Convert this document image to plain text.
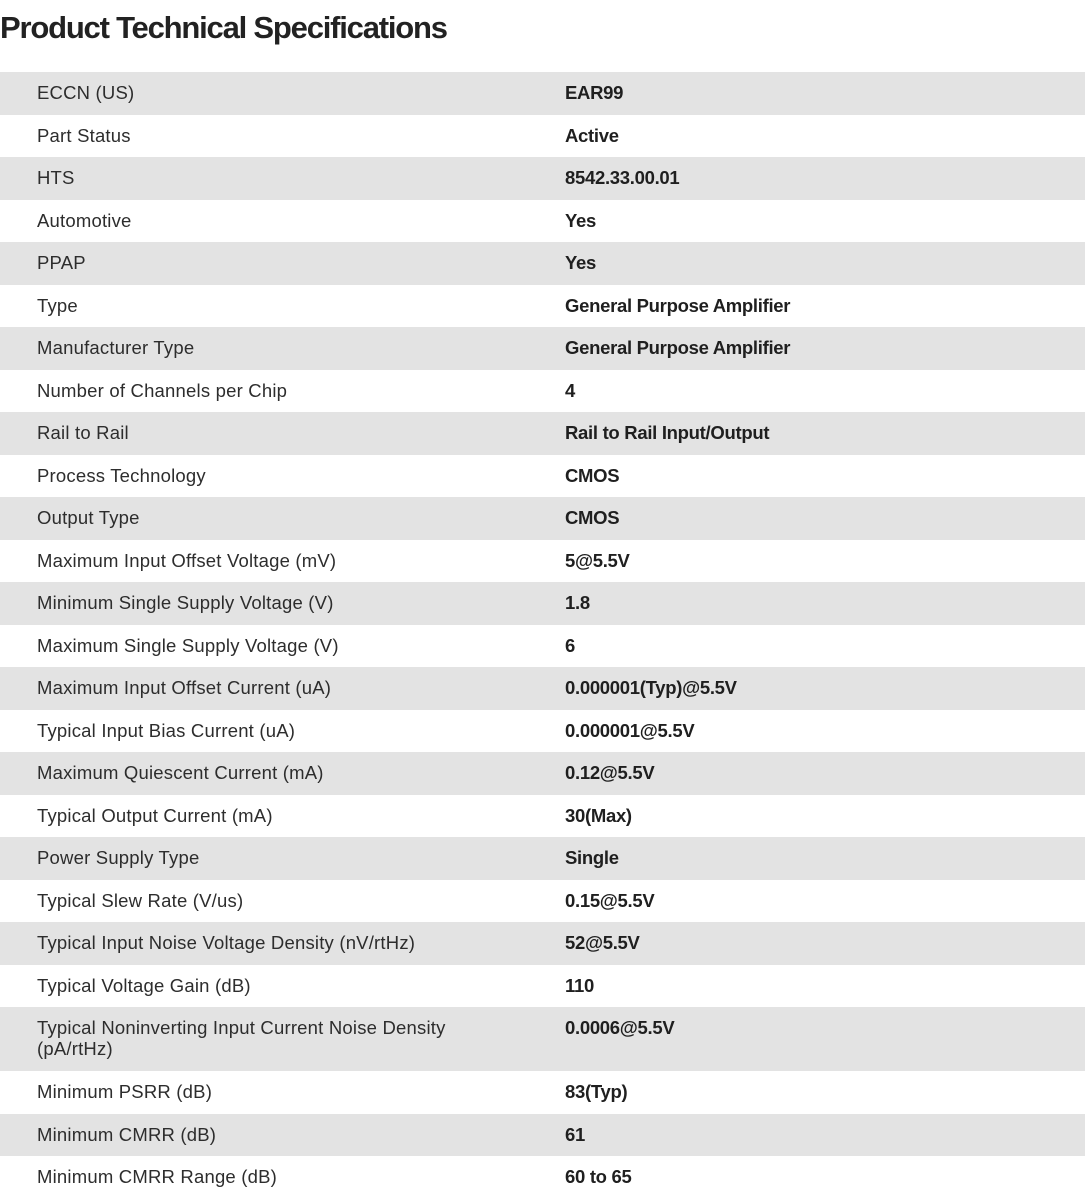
Product Technical Specifications
ECCN (US)	EAR99
Part Status	Active
HTS	8542.33.00.01
Automotive	Yes
PPAP	Yes
Type	General Purpose Amplifier
Manufacturer Type	General Purpose Amplifier
Number of Channels per Chip	4
Rail to Rail	Rail to Rail Input/Output
Process Technology	CMOS
Output Type	CMOS
Maximum Input Offset Voltage (mV)	5@5.5V
Minimum Single Supply Voltage (V)	1.8
Maximum Single Supply Voltage (V)	6
Maximum Input Offset Current (uA)	0.000001(Typ)@5.5V
Typical Input Bias Current (uA)	0.000001@5.5V
Maximum Quiescent Current (mA)	0.12@5.5V
Typical Output Current (mA)	30(Max)
Power Supply Type	Single
Typical Slew Rate (V/us)	0.15@5.5V
Typical Input Noise Voltage Density (nV/rtHz)	52@5.5V
Typical Voltage Gain (dB)	110
Typical Noninverting Input Current Noise Density (pA/rtHz)	0.0006@5.5V
Minimum PSRR (dB)	83(Typ)
Minimum CMRR (dB)	61
Minimum CMRR Range (dB)	60 to 65
